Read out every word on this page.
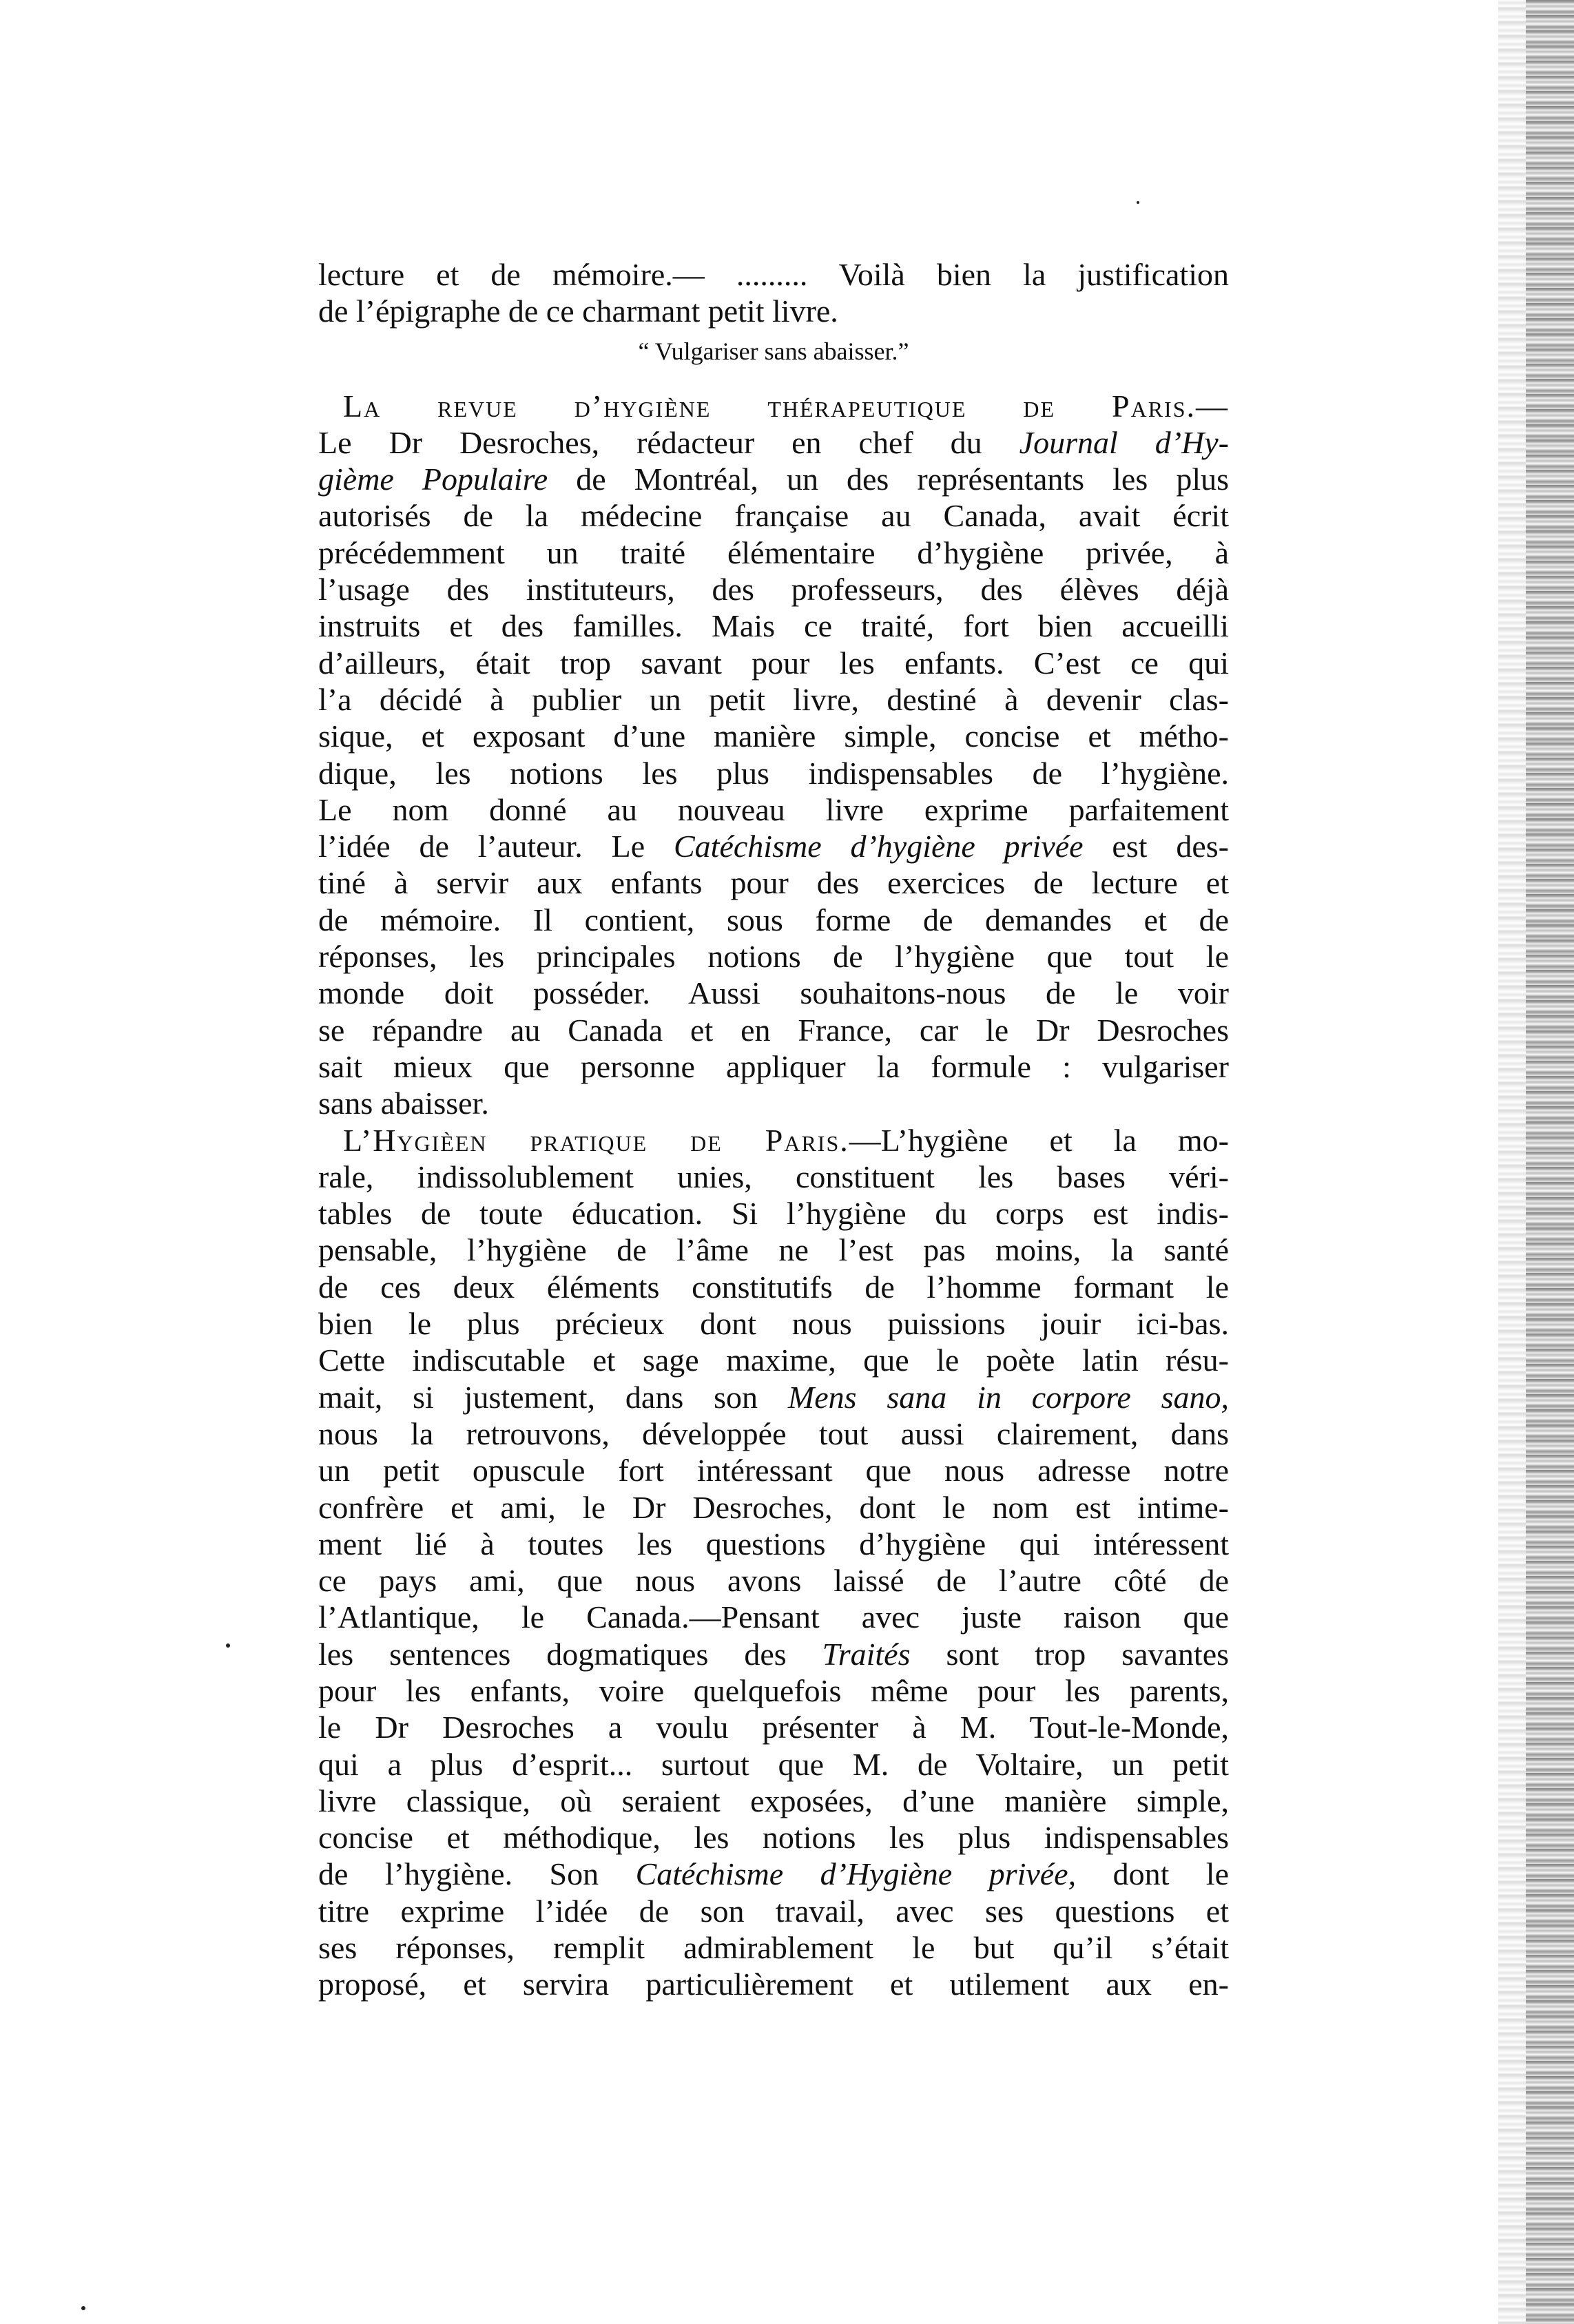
lecture et de mémoire.— ......... Voilà bien la justification
de l’épigraphe de ce charmant petit livre.
“ Vulgariser sans abaisser.”
La revue d’hygiène thérapeutique de Paris.—
Le Dr Desroches, rédacteur en chef du Journal d’Hy-
gième Populaire de Montréal, un des représentants les plus
autorisés de la médecine française au Canada, avait écrit
précédemment un traité élémentaire d’hygiène privée, à
l’usage des instituteurs, des professeurs, des élèves déjà
instruits et des familles. Mais ce traité, fort bien accueilli
d’ailleurs, était trop savant pour les enfants. C’est ce qui
l’a décidé à publier un petit livre, destiné à devenir clas-
sique, et exposant d’une manière simple, concise et métho-
dique, les notions les plus indispensables de l’hygiène.
Le nom donné au nouveau livre exprime parfaitement
l’idée de l’auteur. Le Catéchisme d’hygiène privée est des-
tiné à servir aux enfants pour des exercices de lecture et
de mémoire. Il contient, sous forme de demandes et de
réponses, les principales notions de l’hygiène que tout le
monde doit posséder. Aussi souhaitons-nous de le voir
se répandre au Canada et en France, car le Dr Desroches
sait mieux que personne appliquer la formule : vulgariser
sans abaisser.
L’Hygièen pratique de Paris.—L’hygiène et la mo-
rale, indissolublement unies, constituent les bases véri-
tables de toute éducation. Si l’hygiène du corps est indis-
pensable, l’hygiène de l’âme ne l’est pas moins, la santé
de ces deux éléments constitutifs de l’homme formant le
bien le plus précieux dont nous puissions jouir ici-bas.
Cette indiscutable et sage maxime, que le poète latin résu-
mait, si justement, dans son Mens sana in corpore sano,
nous la retrouvons, développée tout aussi clairement, dans
un petit opuscule fort intéressant que nous adresse notre
confrère et ami, le Dr Desroches, dont le nom est intime-
ment lié à toutes les questions d’hygiène qui intéressent
ce pays ami, que nous avons laissé de l’autre côté de
l’Atlantique, le Canada.—Pensant avec juste raison que
les sentences dogmatiques des Traités sont trop savantes
pour les enfants, voire quelquefois même pour les parents,
le Dr Desroches a voulu présenter à M. Tout-le-Monde,
qui a plus d’esprit... surtout que M. de Voltaire, un petit
livre classique, où seraient exposées, d’une manière simple,
concise et méthodique, les notions les plus indispensables
de l’hygiène. Son Catéchisme d’Hygiène privée, dont le
titre exprime l’idée de son travail, avec ses questions et
ses réponses, remplit admirablement le but qu’il s’était
proposé, et servira particulièrement et utilement aux en-
